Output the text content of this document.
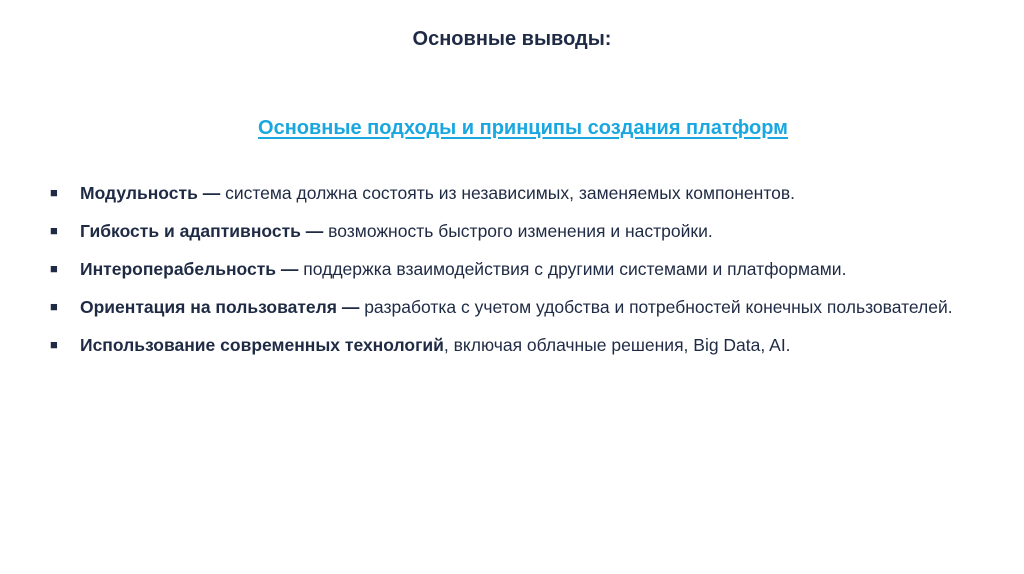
Основные выводы:
Основные подходы и принципы создания платформ
■ Модульность — система должна состоять из независимых, заменяемых компонентов.
■ Гибкость и адаптивность — возможность быстрого изменения и настройки.
■ Интероперабельность — поддержка взаимодействия с другими системами и платформами.
■ Ориентация на пользователя — разработка с учетом удобства и потребностей конечных пользователей.
■ Использование современных технологий, включая облачные решения, Big Data, AI.
